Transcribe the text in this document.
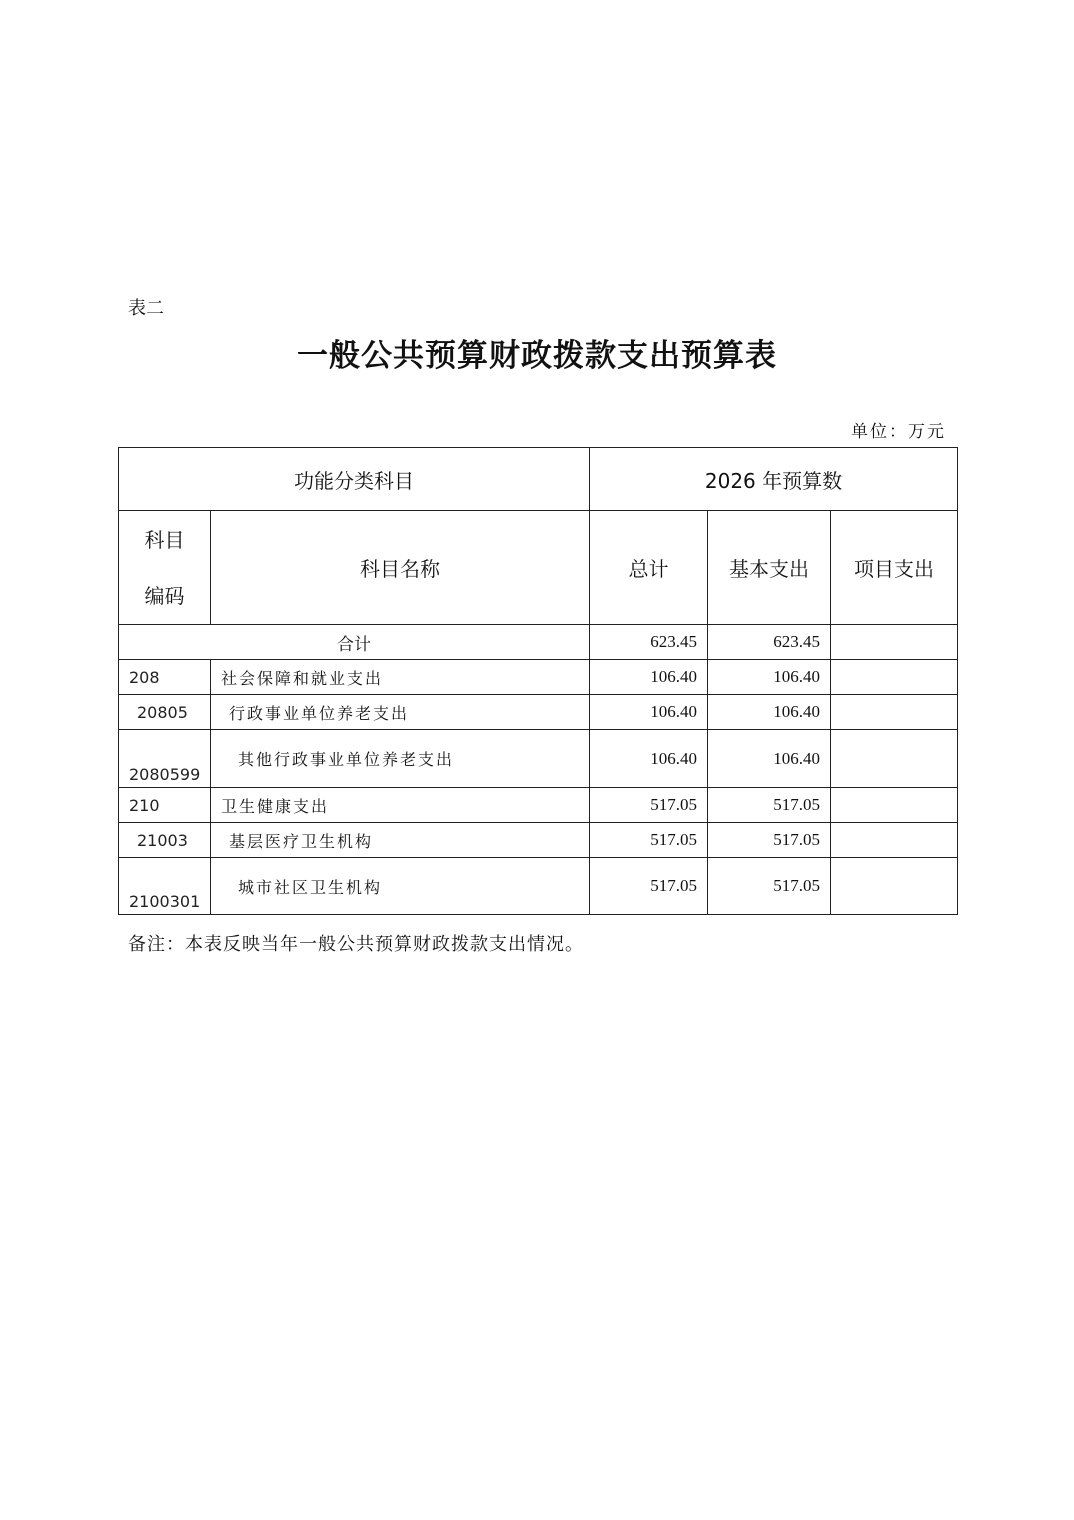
表二
一般公共预算财政拨款支出预算表
单位：万元
功能分类科目		2026 年预算数		

科目
编码	科目名称	总计	基本支出	项目支出
合计		623.45	623.45	
208	社会保障和就业支出	106.40	106.40	
20805	行政事业单位养老支出	106.40	106.40	
2080599	其他行政事业单位养老支出	106.40	106.40	
210	卫生健康支出	517.05	517.05	
21003	基层医疗卫生机构	517.05	517.05	
2100301	城市社区卫生机构	517.05	517.05	
备注：本表反映当年一般公共预算财政拨款支出情况。
